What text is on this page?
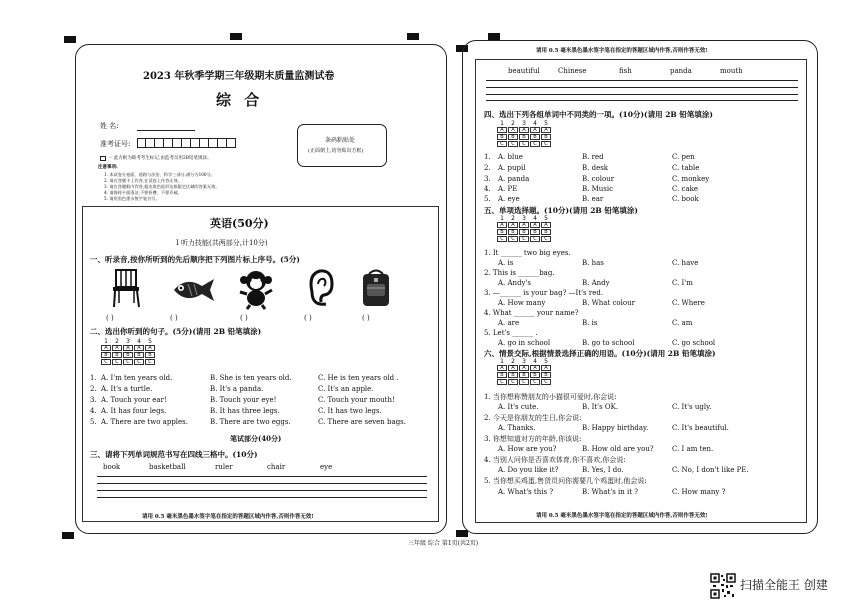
2023 年秋季学期三年级期末质量监测试卷
综 合
姓 名:
准考证号:	条码粘贴处
(正面朝上,切勿贴出方框)
一 此方框为缺考考生标记,由监考员用2B铅笔填涂。
注意事项:
1. 本试卷分卷面、道路与法治、科学三部分,满分为100分。
2. 请在答题卡上作答,在试卷上作答无效。
3. 请在答题框内作答,超出黑色矩形边框限定区域的答案无效。
4. 请保持卡面清洁,不要折叠、不要弄破。
5. 请用黑色墨水签字笔书写。
英语(50分)
Ⅰ 听力技能(共两部分,计10分)
一、听录音,按你所听到的先后顺序把下列图片标上序号。(5分)
( )	( )	( )	( )	( )
二、选出你听到的句子。(5分)(请用 2B 铅笔填涂)
1	2	3	4	5
A	A	A	A	A
B	B	B	B	B
C	C	C	C	C
1. A. I'm ten years old.	B. She is ten years old.	C. He is ten years old .
2. A. It's a turtle.	B. It's a panda.	C. It's an apple.
3. A. Touch your ear!	B. Touch your eye!	C. Touch your mouth!
4. A. It has four legs.	B. It has three legs.	C. It has two legs.
5. A. There are two apples.	B. There are two eggs.	C. There are seven bags.
笔试部分(40分)
三、请将下列单词规范书写在四线三格中。(10分)
book	basketball	ruler	chair	eye
请用 0.5 毫米黑色墨水签字笔在指定的答题区域内作答,否则作答无效!
请用 0.5 毫米黑色墨水签字笔在指定的答题区域内作答,否则作答无效!
beautiful	Chinese	fish	panda	mouth
四、选出下列各组单词中不同类的一项。(10分)(请用 2B 铅笔填涂)
1	2	3	4	5
A	A	A	A	A
B	B	B	B	B
C	C	C	C	C
1. A. blue	B. red	C. pen
2. A. pupil	B. desk	C. table
3. A. panda	B. colour	C. monkey
4. A. PE	B. Music	C. cake
5. A. eye	B. ear	C. book
五、单项选择题。(10分)(请用 2B 铅笔填涂)
1	2	3	4	5
A	A	A	A	A
B	B	B	B	B
C	C	C	C	C
1. It ______ two big eyes.
A. is	B. has	C. have
2. This is ______bag.
A. Andy's	B. Andy	C. I'm
3. —______ is your bag? —It's red.
A. How many	B. What colour	C. Where
4. What ______ your name?
A. are	B. is	C. am
5. Let's ______ .
A. go in school	B. go to school	C. go school
六、情景交际,根据情景选择正确的用语。(10分)(请用 2B 铅笔填涂)
1	2	3	4	5
A	A	A	A	A
B	B	B	B	B
C	C	C	C	C
1. 当你想称赞朋友的小猫很可爱时,你会说:
A. It's cute.	B. It's OK.	C. It's ugly.
2. 今天是你朋友的生日,你会说:
A. Thanks.	B. Happy birthday.	C. It's beautiful.
3. 你想知道对方的年龄,你该说:
A. How are you?	B. How old are you?	C. I am ten.
4. 当别人问你是否喜欢体育,你不喜欢,你会说:
A. Do you like it?	B. Yes, I do.	C. No, I don't like PE.
5. 当你想买鸡蛋,售货员问你需要几个鸡蛋时,他会说:
A. What's this ?	B. What's in it ?	C. How many ?
请用 0.5 毫米黑色墨水签字笔在指定的答题区域内作答,否则作答无效!
三年级 综合 第1页(共2页)
扫描全能王 创建
